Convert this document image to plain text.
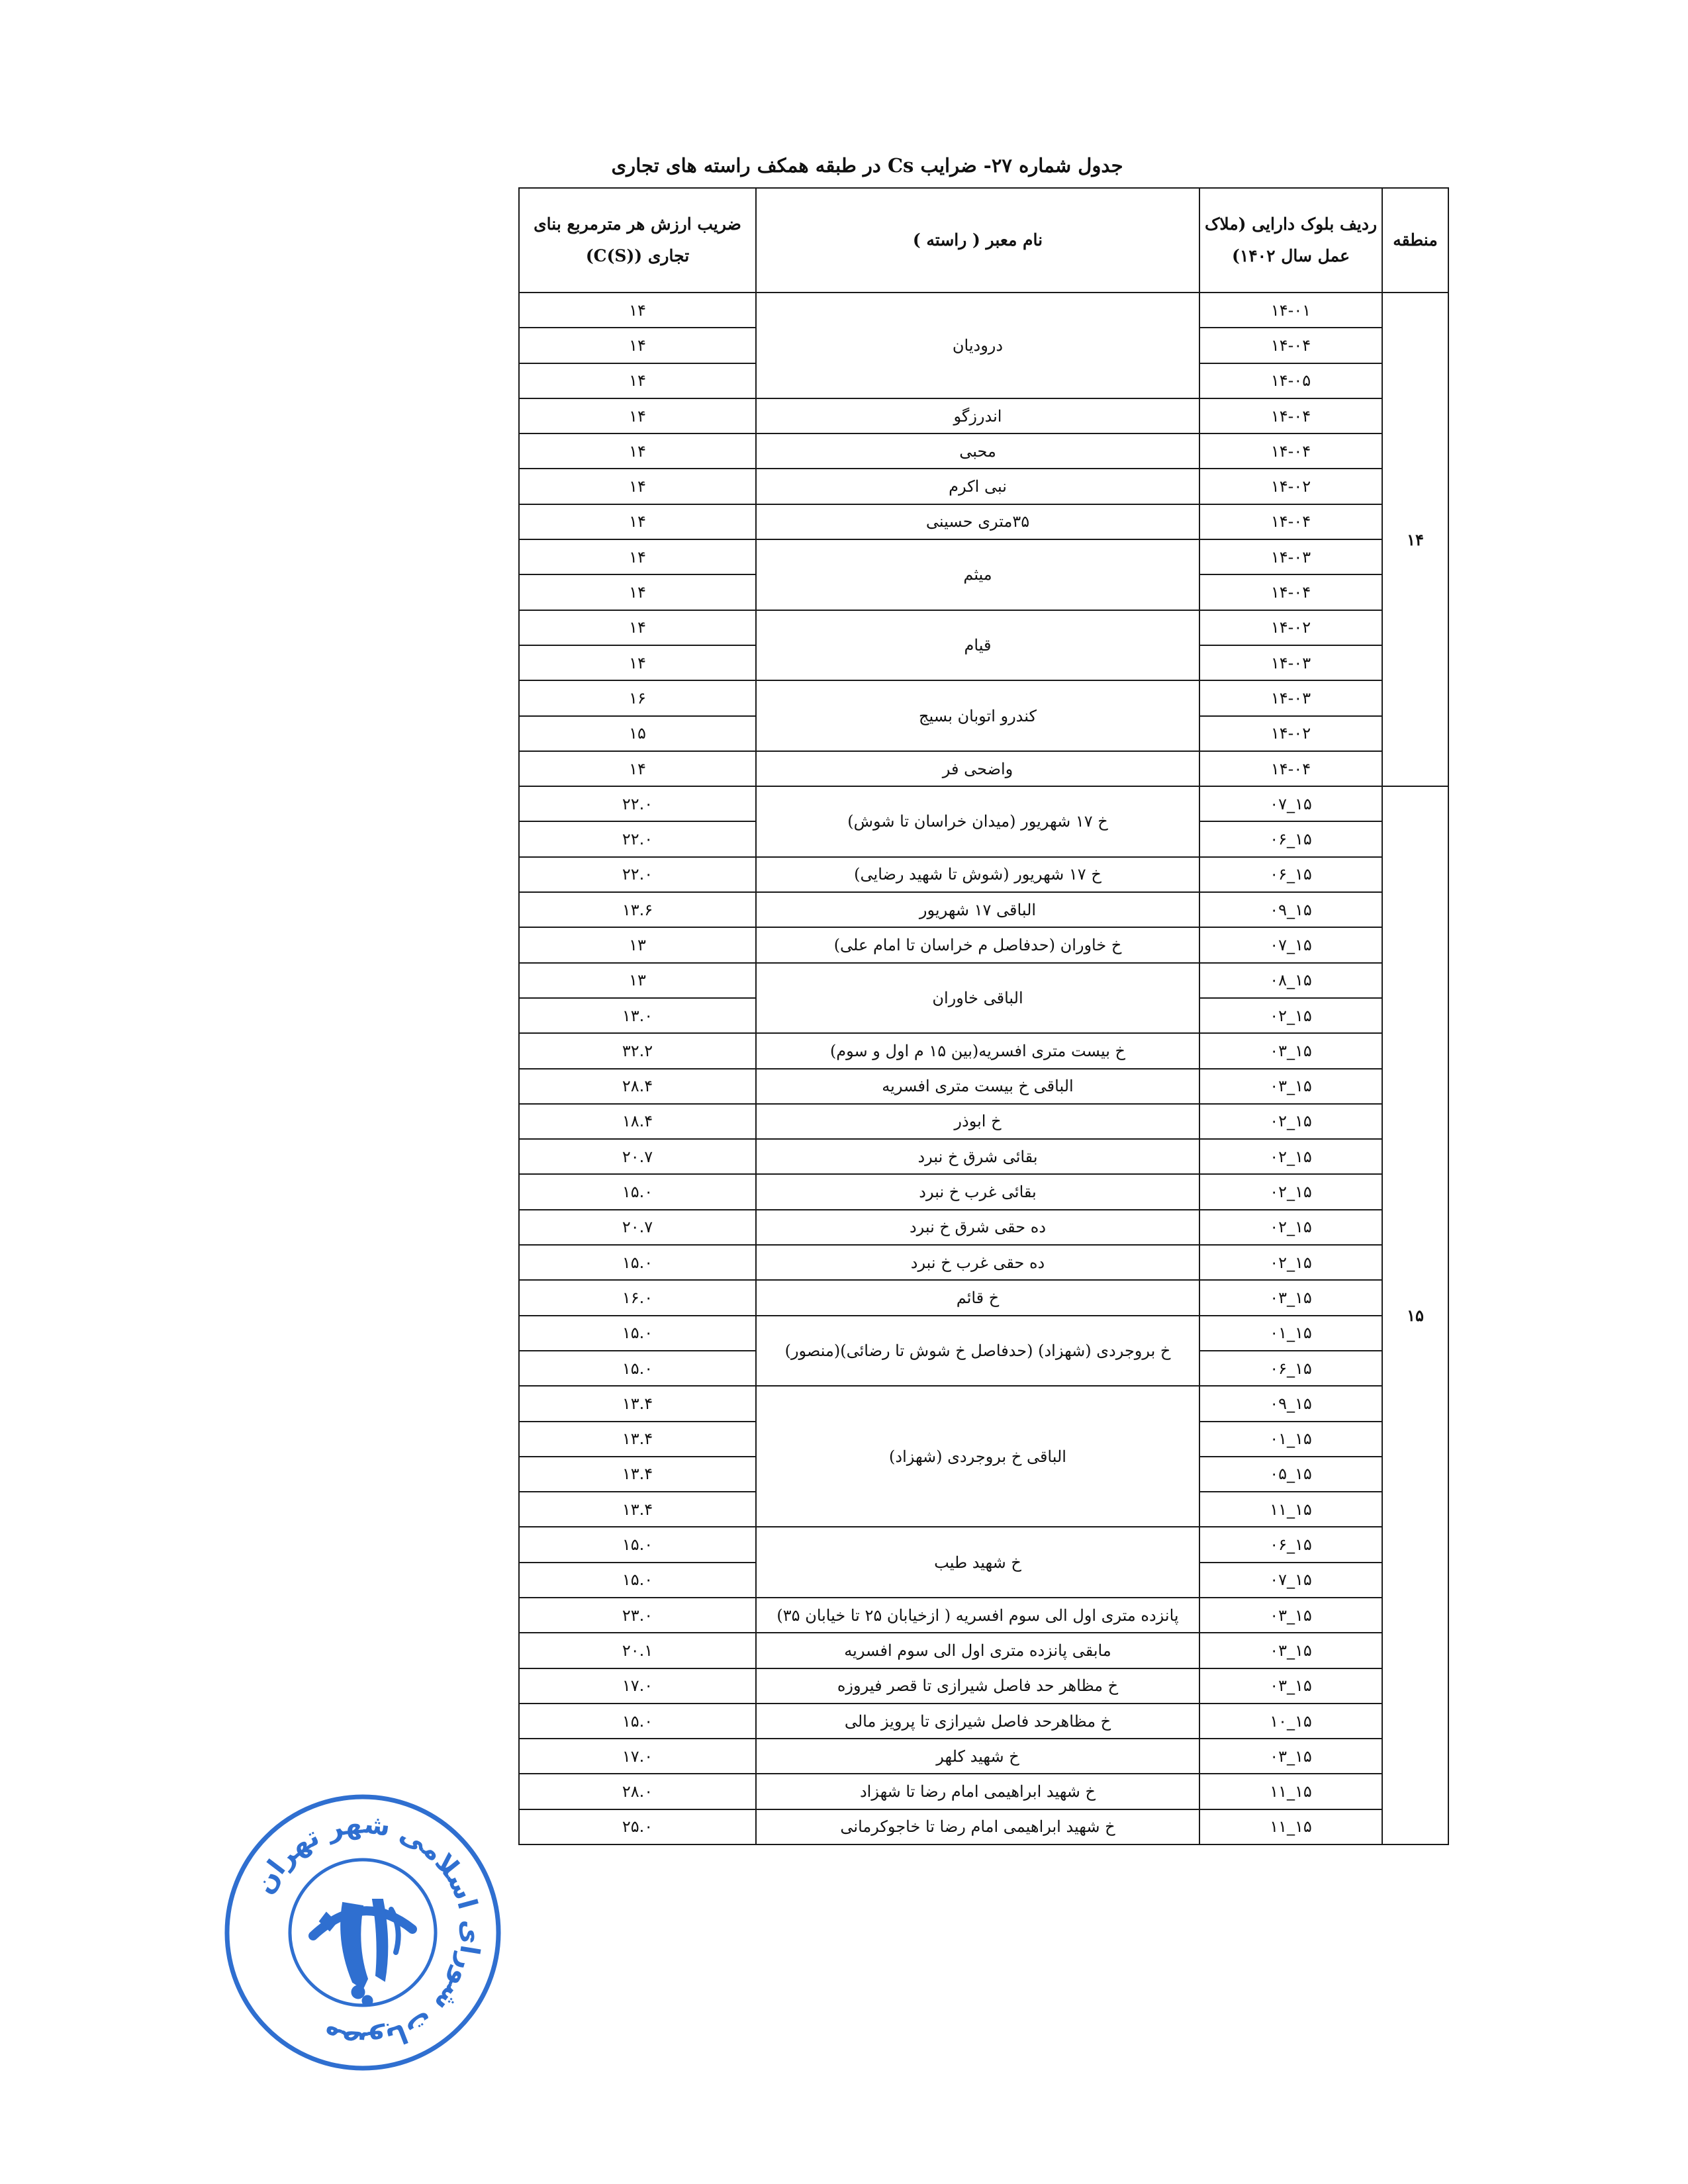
جدول شماره ۲۷- ضرایب Cs در طبقه همکف راسته های تجاری
منطقه	ردیف بلوک دارایی (ملاک عمل سال ۱۴۰۲)	نام معبر ( راسته )	ضریب ارزش هر مترمربع بنای تجاری (C(S))
۱۴	۱۴-۰۱	درودیان	۱۴
	۱۴-۰۴		۱۴
	۱۴-۰۵		۱۴
	۱۴-۰۴	اندرزگو	۱۴
	۱۴-۰۴	محبی	۱۴
	۱۴-۰۲	نبی اکرم	۱۴
	۱۴-۰۴	۳۵متری حسینی	۱۴
	۱۴-۰۳	میثم	۱۴
	۱۴-۰۴		۱۴
	۱۴-۰۲	قیام	۱۴
	۱۴-۰۳		۱۴
	۱۴-۰۳	کندرو اتوبان بسیج	۱۶
	۱۴-۰۲		۱۵
	۱۴-۰۴	واضحی فر	۱۴
۱۵	۱۵_۰۷	خ ۱۷ شهریور (میدان خراسان تا شوش)	۲۲.۰
	۱۵_۰۶		۲۲.۰
	۱۵_۰۶	خ ۱۷ شهریور (شوش تا شهید رضایی)	۲۲.۰
	۱۵_۰۹	الباقی ۱۷ شهریور	۱۳.۶
	۱۵_۰۷	خ خاوران (حدفاصل م خراسان تا امام علی)	۱۳
	۱۵_۰۸	الباقی خاوران	۱۳
	۱۵_۰۲		۱۳.۰
	۱۵_۰۳	خ بیست متری افسریه(بین ۱۵ م اول و سوم)	۳۲.۲
	۱۵_۰۳	الباقی خ بیست متری افسریه	۲۸.۴
	۱۵_۰۲	خ ابوذر	۱۸.۴
	۱۵_۰۲	بقائی شرق خ نبرد	۲۰.۷
	۱۵_۰۲	بقائی غرب خ نبرد	۱۵.۰
	۱۵_۰۲	ده حقی شرق خ نبرد	۲۰.۷
	۱۵_۰۲	ده حقی غرب خ نبرد	۱۵.۰
	۱۵_۰۳	خ قائم	۱۶.۰
	۱۵_۰۱	خ بروجردی (شهزاد) (حدفاصل خ شوش تا رضائی)(منصور)	۱۵.۰
	۱۵_۰۶		۱۵.۰
	۱۵_۰۹	الباقی خ بروجردی (شهزاد)	۱۳.۴
	۱۵_۰۱		۱۳.۴
	۱۵_۰۵		۱۳.۴
	۱۵_۱۱		۱۳.۴
	۱۵_۰۶	خ شهید طیب	۱۵.۰
	۱۵_۰۷		۱۵.۰
	۱۵_۰۳	پانزده متری اول الی سوم افسریه ( ازخیابان ۲۵ تا خیابان ۳۵)	۲۳.۰
	۱۵_۰۳	مابقی پانزده متری اول الی سوم افسریه	۲۰.۱
	۱۵_۰۳	خ مظاهر حد فاصل شیرازی تا قصر فیروزه	۱۷.۰
	۱۵_۱۰	خ مظاهرحد فاصل شیرازی تا پرویز مالی	۱۵.۰
	۱۵_۰۳	خ شهید کلهر	۱۷.۰
	۱۵_۱۱	خ شهید ابراهیمی امام رضا تا شهزاد	۲۸.۰
	۱۵_۱۱	خ شهید ابراهیمی امام رضا تا خاجوکرمانی	۲۵.۰
مصوبات شورای اسلامی شهر تهران
